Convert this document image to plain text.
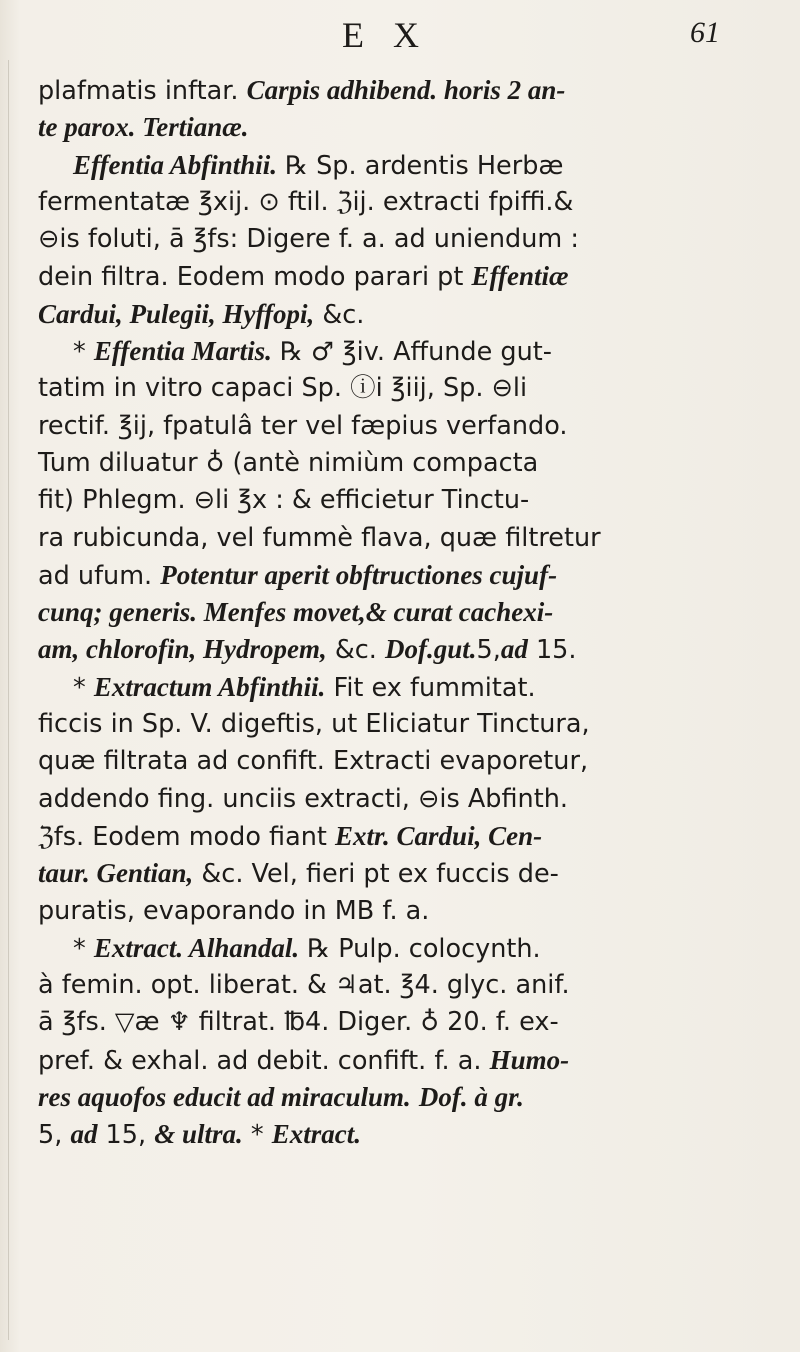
E X	61
plafmatis inftar. Carpis adhibend. horis 2 an-
te parox. Tertianæ.
Effentia Abfinthii. ℞ Sp. ardentis Herbæ
fermentatæ ℥xij. ⊙ ftil. ℨij. extracti fpiffi.&
⊖is foluti, ā ℥fs: Digere f. a. ad uniendum :
dein filtra. Eodem modo parari pt Effentiæ
Cardui, Pulegii, Hyffopi, &c.
* Effentia Martis. ℞ ♂ ℥iv. Affunde gut-
tatim in vitro capaci Sp. ⓘi ℥iij, Sp. ⊖li
rectif. ℥ij, fpatulâ ter vel fæpius verfando.
Tum diluatur ♁ (antè nimiùm compacta
fit) Phlegm. ⊖li ℥x : & efficietur Tinctu-
ra rubicunda, vel fummè flava, quæ filtretur
ad ufum. Potentur aperit obftructiones cujuf-
cunq; generis. Menfes movet,& curat cachexi-
am, chlorofin, Hydropem, &c. Dof.gut.5,ad 15.
* Extractum Abfinthii. Fit ex fummitat.
ficcis in Sp. V. digeftis, ut Eliciatur Tinctura,
quæ filtrata ad confift. Extracti evaporetur,
addendo fing. unciis extracti, ⊖is Abfinth.
ℨfs. Eodem modo fiant Extr. Cardui, Cen-
taur. Gentian, &c. Vel, fieri pt ex fuccis de-
puratis, evaporando in MB f. a.
* Extract. Alhandal. ℞ Pulp. colocynth.
à femin. opt. liberat. & ♃at. ℥4. glyc. anif.
ā ℥fs. ▽æ ♆ filtrat. ℔4. Diger. ♁ 20. f. ex-
pref. & exhal. ad debit. confift. f. a. Humo-
res aquofos educit ad miraculum. Dof. à gr.
5, ad 15, & ultra. * Extract.
